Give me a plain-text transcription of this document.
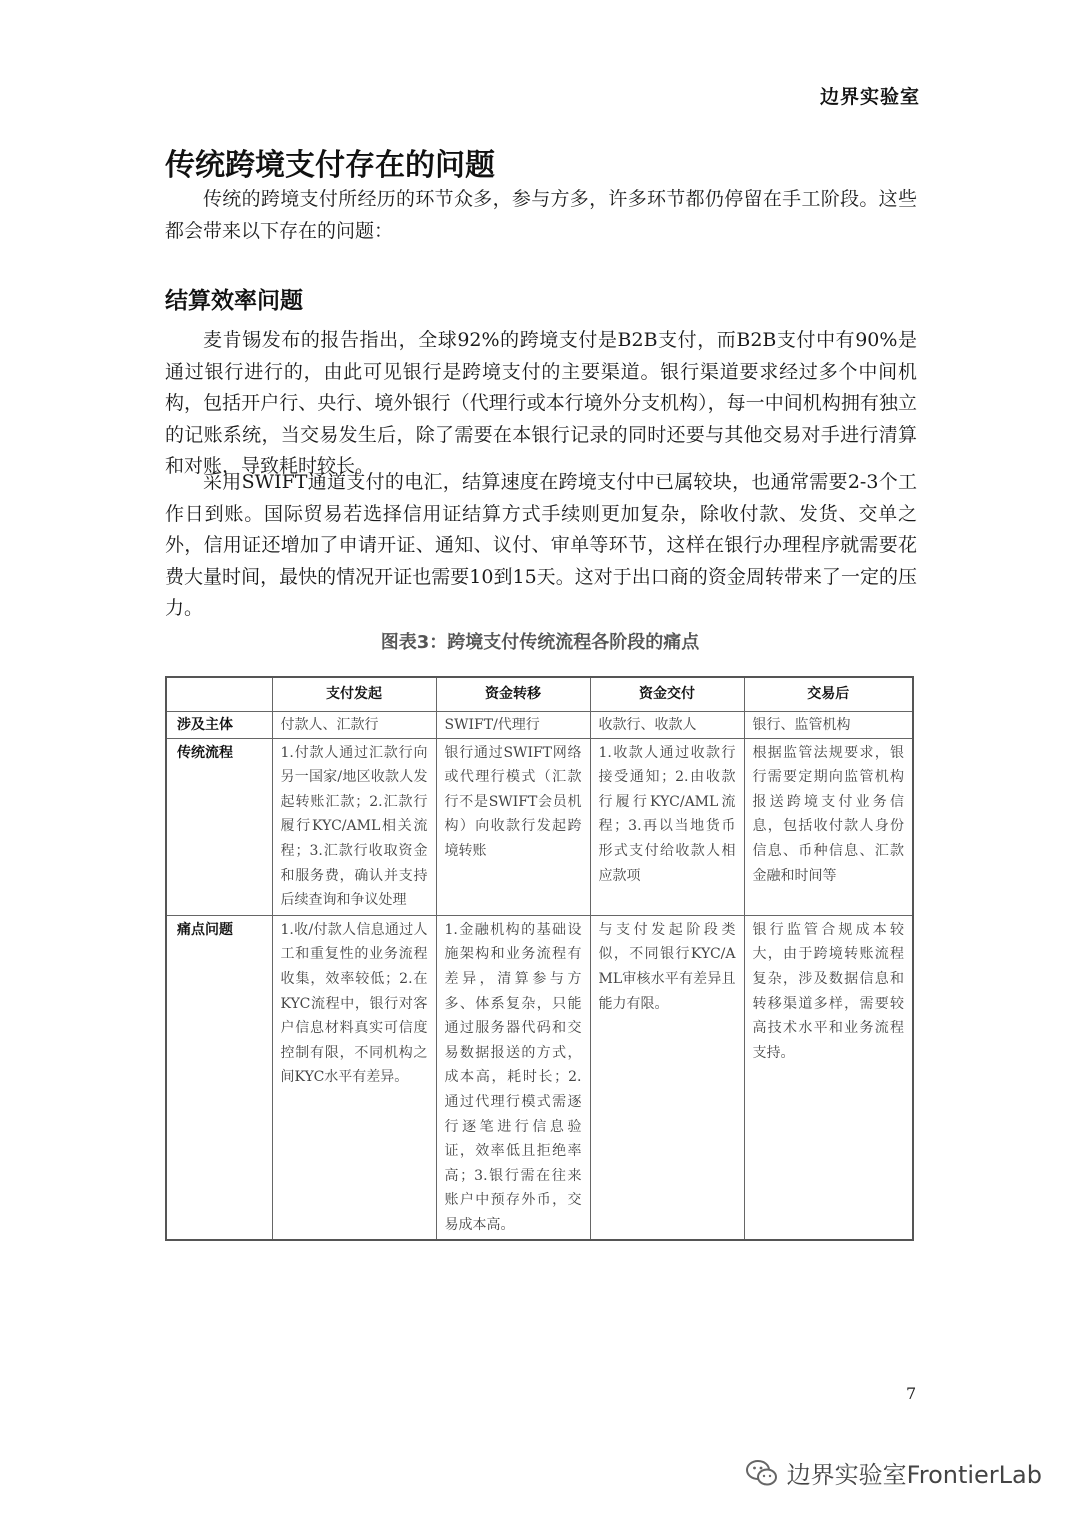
边界实验室
传统跨境支付存在的问题

传统的跨境支付所经历的环节众多，参与方多，许多环节都仍停留在手工阶段。这些都会带来以下存在的问题：

结算效率问题

麦肯锡发布的报告指出，全球92%的跨境支付是B2B支付，而B2B支付中有90%是通过银行进行的，由此可见银行是跨境支付的主要渠道。银行渠道要求经过多个中间机构，包括开户行、央行、境外银行（代理行或本行境外分支机构），每一中间机构拥有独立的记账系统，当交易发生后，除了需要在本银行记录的同时还要与其他交易对手进行清算和对账，导致耗时较长。

采用SWIFT通道支付的电汇，结算速度在跨境支付中已属较块，也通常需要2-3个工作日到账。国际贸易若选择信用证结算方式手续则更加复杂，除收付款、发货、交单之外，信用证还增加了申请开证、通知、议付、审单等环节，这样在银行办理程序就需要花费大量时间，最快的情况开证也需要10到15天。这对于出口商的资金周转带来了一定的压力。

图表3：跨境支付传统流程各阶段的痛点
	支付发起	资金转移	资金交付	交易后
涉及主体	付款人、汇款行	SWIFT/代理行	收款行、收款人	银行、监管机构
传统流程	1.付款人通过汇款行向另一国家/地区收款人发起转账汇款；2.汇款行履行KYC/AML相关流程；3.汇款行收取资金和服务费，确认并支持后续查询和争议处理	银行通过SWIFT网络或代理行模式（汇款行不是SWIFT会员机构）向收款行发起跨境转账	1.收款人通过收款行接受通知；2.由收款行履行KYC/AML流程；3.再以当地货币形式支付给收款人相应款项	根据监管法规要求，银行需要定期向监管机构报送跨境支付业务信息，包括收付款人身份信息、币种信息、汇款金融和时间等
痛点问题	1.收/付款人信息通过人工和重复性的业务流程收集，效率较低；2.在KYC流程中，银行对客户信息材料真实可信度控制有限，不同机构之间KYC水平有差异。	1.金融机构的基础设施架构和业务流程有差异，清算参与方多、体系复杂，只能通过服务器代码和交易数据报送的方式，成本高，耗时长；2.通过代理行模式需逐行逐笔进行信息验证，效率低且拒绝率高；3.银行需在往来账户中预存外币，交易成本高。	与支付发起阶段类似，不同银行KYC/AML审核水平有差异且能力有限。	银行监管合规成本较大，由于跨境转账流程复杂，涉及数据信息和转移渠道多样，需要较高技术水平和业务流程支持。
7
边界实验室FrontierLab
